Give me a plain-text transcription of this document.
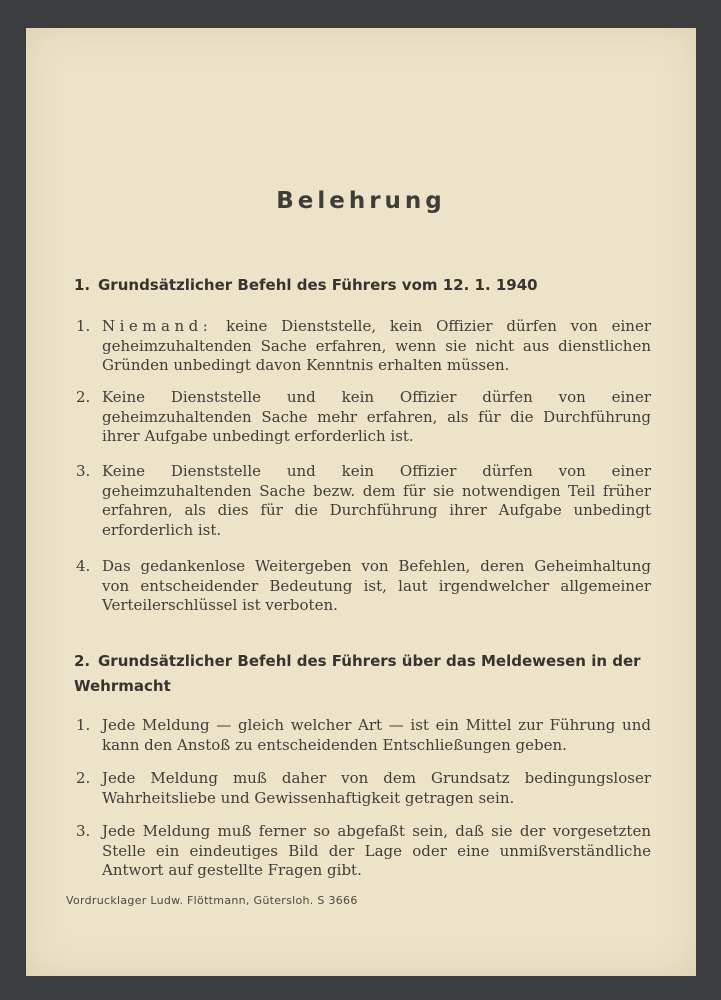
Belehrung
1. Grundsätzlicher Befehl des Führers vom 12. 1. 1940
1. Niemand: keine Dienststelle, kein Offizier dürfen von einer geheimzuhaltenden Sache erfahren, wenn sie nicht aus dienstlichen Gründen unbedingt davon Kenntnis erhalten müssen.
2. Keine Dienststelle und kein Offizier dürfen von einer geheimzuhaltenden Sache mehr erfahren, als für die Durchführung ihrer Aufgabe unbedingt erforderlich ist.
3. Keine Dienststelle und kein Offizier dürfen von einer geheimzuhaltenden Sache bezw. dem für sie notwendigen Teil früher erfahren, als dies für die Durchführung ihrer Aufgabe unbedingt erforderlich ist.
4. Das gedankenlose Weitergeben von Befehlen, deren Geheimhaltung von entscheidender Bedeutung ist, laut irgendwelcher allgemeiner Verteilerschlüssel ist verboten.
2. Grundsätzlicher Befehl des Führers über das Meldewesen in der Wehrmacht
1. Jede Meldung — gleich welcher Art — ist ein Mittel zur Führung und kann den Anstoß zu entscheidenden Entschließungen geben.
2. Jede Meldung muß daher von dem Grundsatz bedingungsloser Wahrheitsliebe und Gewissenhaftigkeit getragen sein.
3. Jede Meldung muß ferner so abgefaßt sein, daß sie der vorgesetzten Stelle ein eindeutiges Bild der Lage oder eine unmißverständliche Antwort auf gestellte Fragen gibt.
Vordrucklager Ludw. Flöttmann, Gütersloh. S 3666
